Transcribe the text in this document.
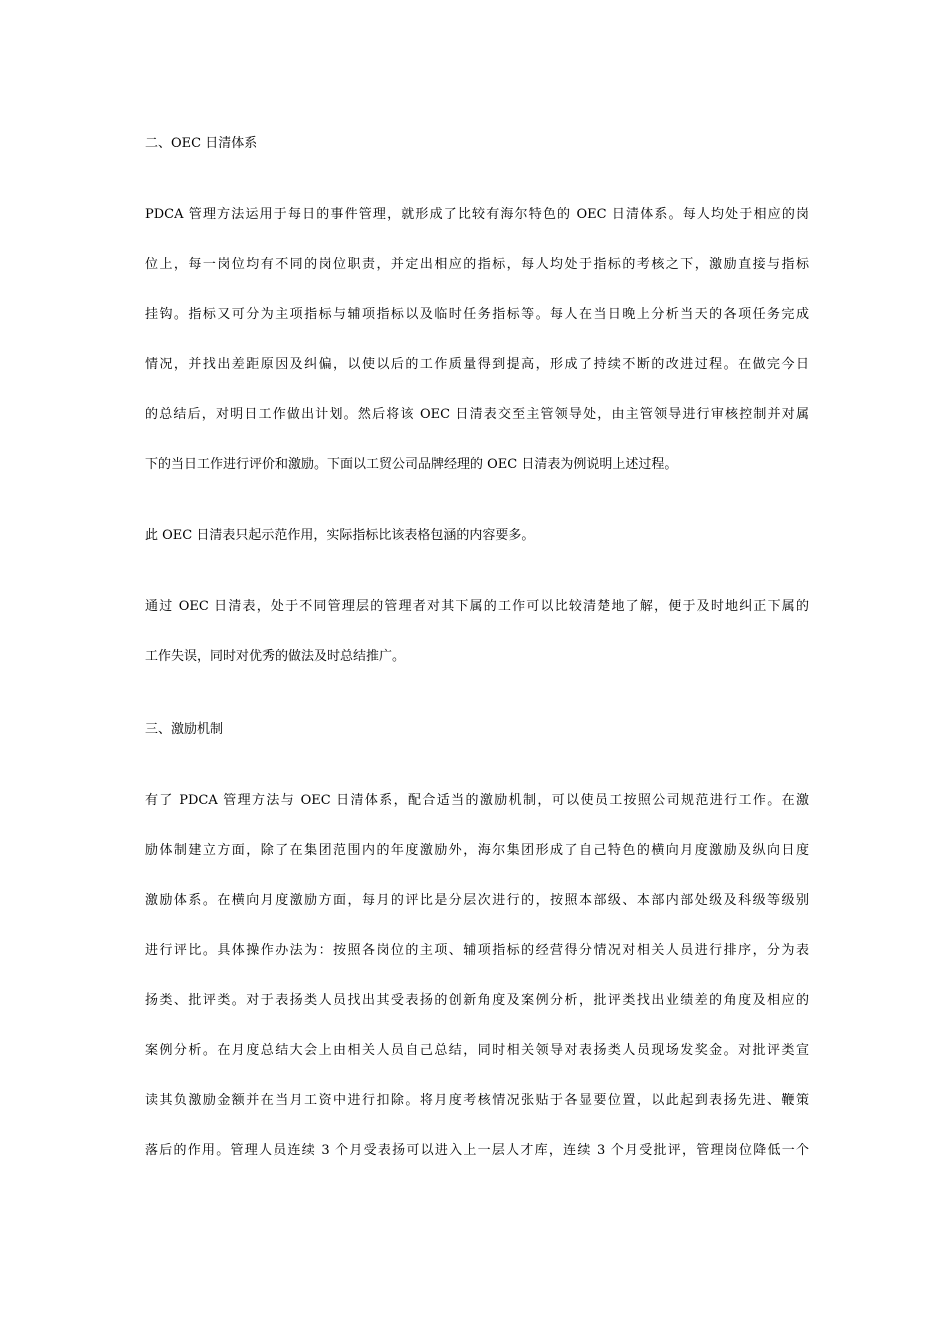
二、OEC 日清体系
PDCA 管理方法运用于每日的事件管理，就形成了比较有海尔特色的 OEC 日清体系。每人均处于相应的岗
位上，每一岗位均有不同的岗位职责，并定出相应的指标，每人均处于指标的考核之下，激励直接与指标
挂钩。指标又可分为主项指标与辅项指标以及临时任务指标等。每人在当日晚上分析当天的各项任务完成
情况，并找出差距原因及纠偏，以使以后的工作质量得到提高，形成了持续不断的改进过程。在做完今日
的总结后，对明日工作做出计划。然后将该 OEC 日清表交至主管领导处，由主管领导进行审核控制并对属
下的当日工作进行评价和激励。下面以工贸公司品牌经理的 OEC 日清表为例说明上述过程。
此 OEC 日清表只起示范作用，实际指标比该表格包涵的内容要多。
通过 OEC 日清表，处于不同管理层的管理者对其下属的工作可以比较清楚地了解，便于及时地纠正下属的
工作失误，同时对优秀的做法及时总结推广。
三、激励机制
有了 PDCA 管理方法与 OEC 日清体系，配合适当的激励机制，可以使员工按照公司规范进行工作。在激
励体制建立方面，除了在集团范围内的年度激励外，海尔集团形成了自己特色的横向月度激励及纵向日度
激励体系。在横向月度激励方面，每月的评比是分层次进行的，按照本部级、本部内部处级及科级等级别
进行评比。具体操作办法为：按照各岗位的主项、辅项指标的经营得分情况对相关人员进行排序，分为表
扬类、批评类。对于表扬类人员找出其受表扬的创新角度及案例分析，批评类找出业绩差的角度及相应的
案例分析。在月度总结大会上由相关人员自己总结，同时相关领导对表扬类人员现场发奖金。对批评类宣
读其负激励金额并在当月工资中进行扣除。将月度考核情况张贴于各显要位置，以此起到表扬先进、鞭策
落后的作用。管理人员连续 3 个月受表扬可以进入上一层人才库，连续 3 个月受批评，管理岗位降低一个
